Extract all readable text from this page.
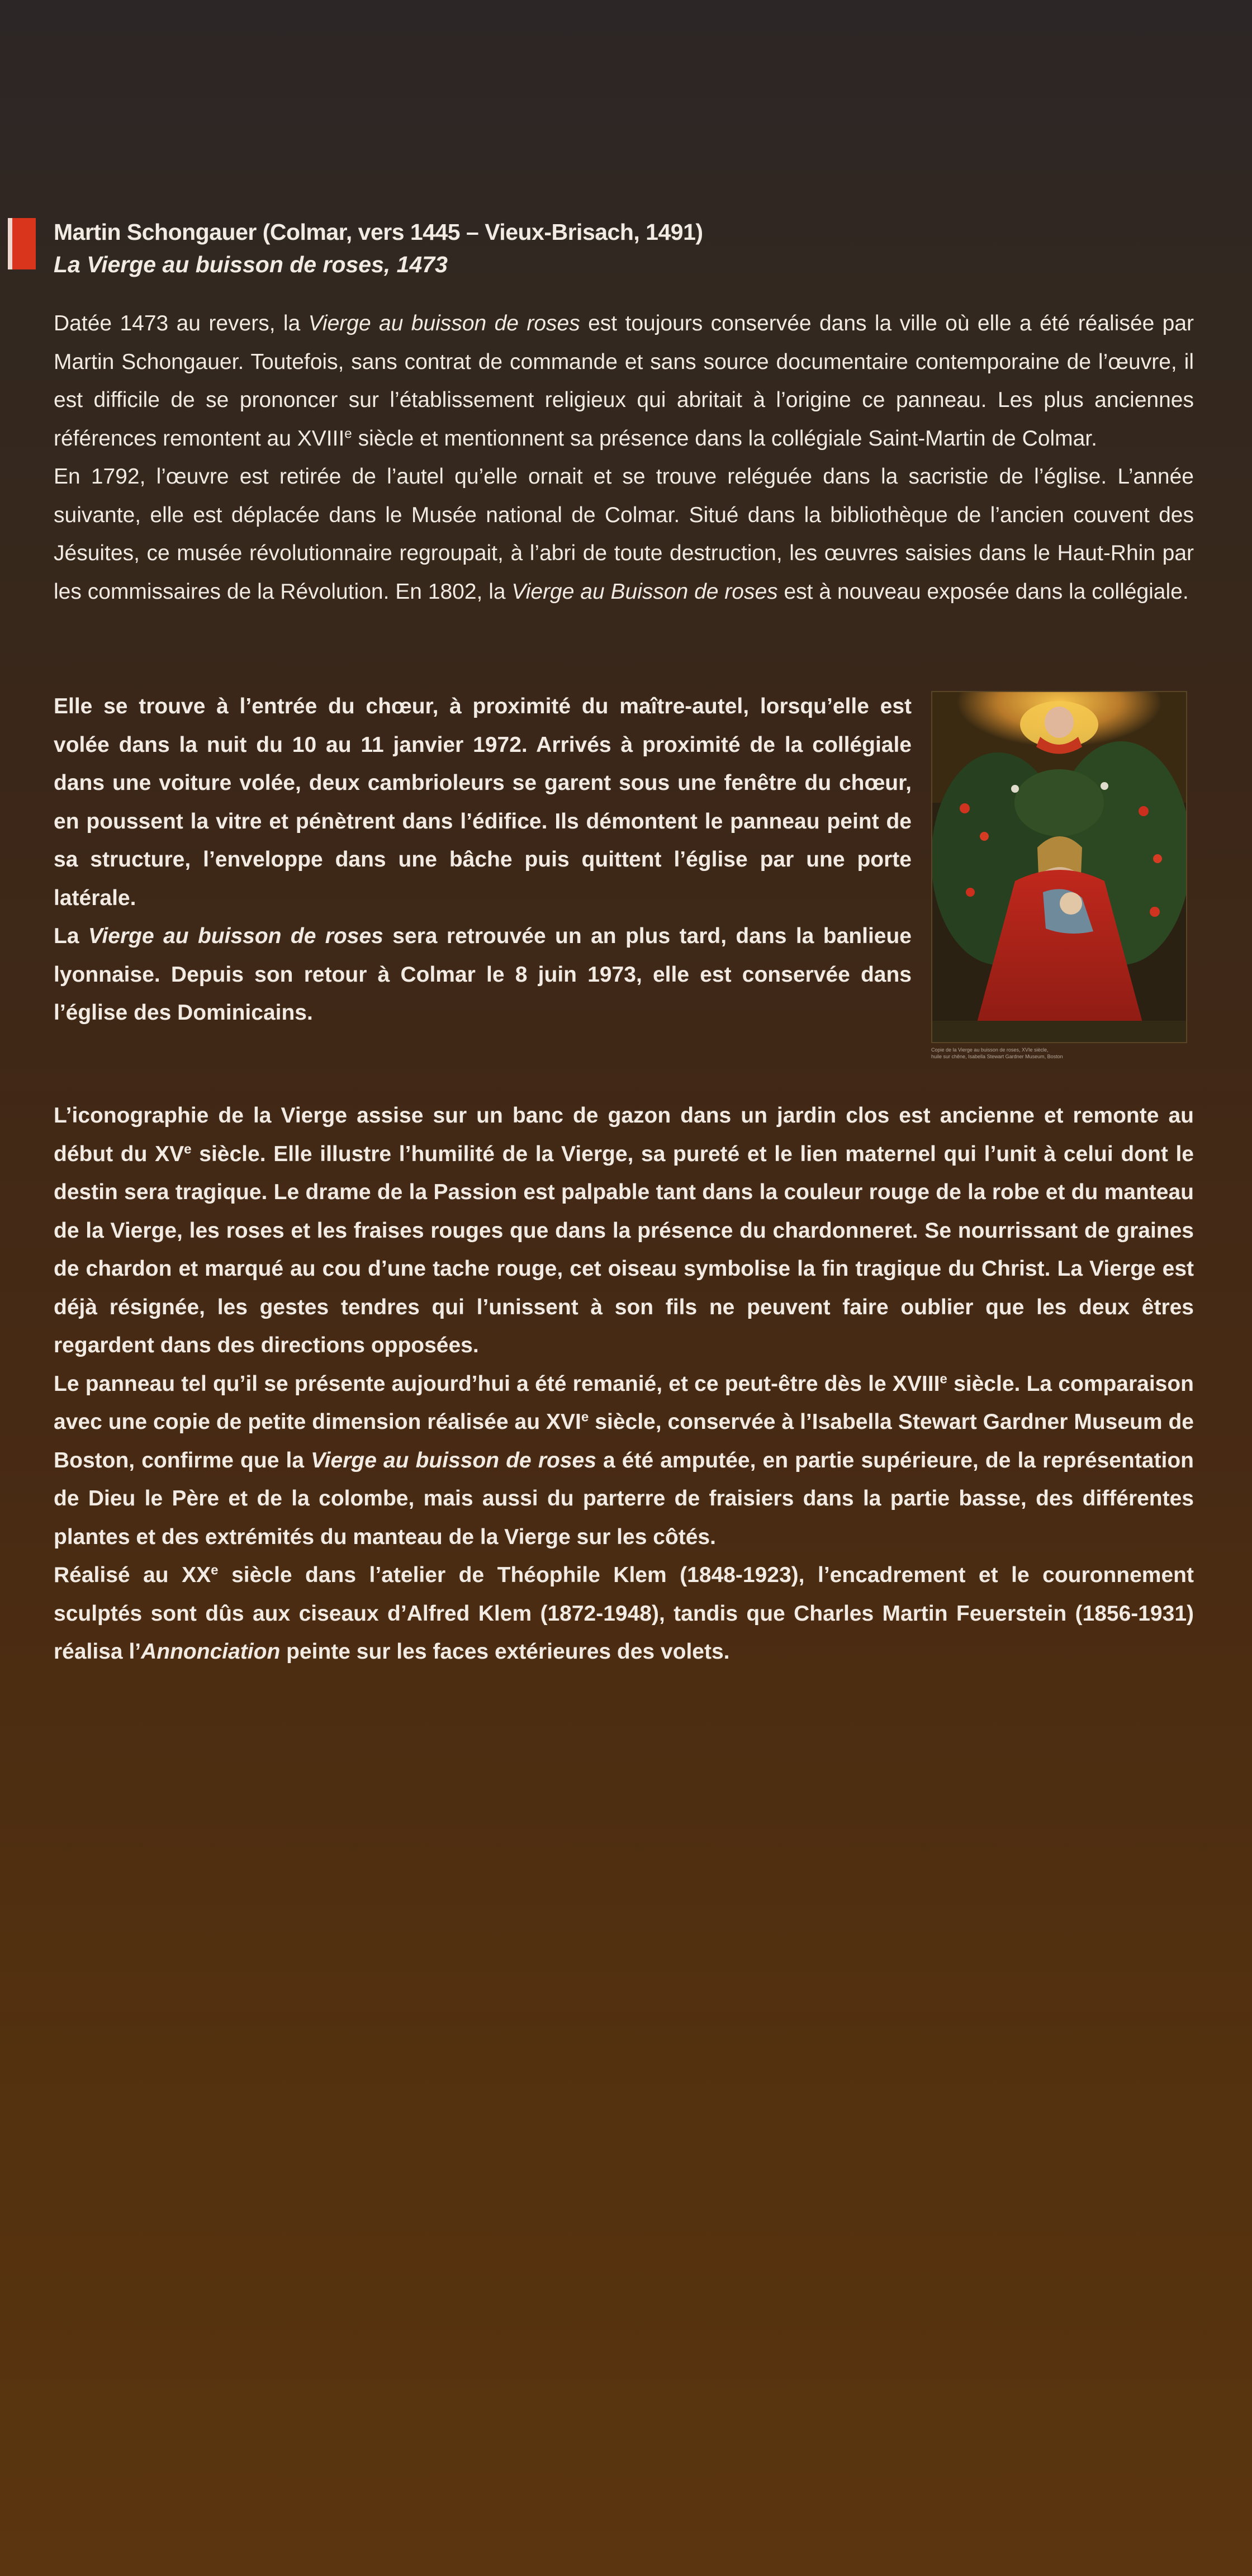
Martin Schongauer (Colmar, vers 1445 – Vieux-Brisach, 1491)
La Vierge au buisson de roses, 1473

Datée 1473 au revers, la Vierge au buisson de roses est toujours conservée dans la ville où elle a été réalisée par Martin Schongauer. Toutefois, sans contrat de commande et sans source documentaire contemporaine de l’œuvre, il est difficile de se prononcer sur l’établissement religieux qui abritait à l’origine ce panneau. Les plus anciennes références remontent au XVIIIe siècle et mentionnent sa présence dans la collégiale Saint-Martin de Colmar.

En 1792, l’œuvre est retirée de l’autel qu’elle ornait et se trouve reléguée dans la sacristie de l’église. L’année suivante, elle est déplacée dans le Musée national de Colmar. Situé dans la bibliothèque de l’ancien couvent des Jésuites, ce musée révolutionnaire regroupait, à l’abri de toute destruction, les œuvres saisies dans le Haut-Rhin par les commissaires de la Révolution. En 1802, la Vierge au Buisson de roses est à nouveau exposée dans la collégiale.

Elle se trouve à l’entrée du chœur, à proximité du maître-autel, lorsqu’elle est volée dans la nuit du 10 au 11 janvier 1972. Arrivés à proximité de la collégiale dans une voiture volée, deux cambrioleurs se garent sous une fenêtre du chœur, en poussent la vitre et pénètrent dans l’édifice. Ils démontent le panneau peint de sa structure, l’enveloppe dans une bâche puis quittent l’église par une porte latérale.

La Vierge au buisson de roses sera retrouvée un an plus tard, dans la banlieue lyonnaise. Depuis son retour à Colmar le 8 juin 1973, elle est conservée dans l’église des Dominicains.

Copie de la Vierge au buisson de roses, XVIe siècle,
huile sur chêne, Isabella Stewart Gardner Museum, Boston

L’iconographie de la Vierge assise sur un banc de gazon dans un jardin clos est ancienne et remonte au début du XVe siècle. Elle illustre l’humilité de la Vierge, sa pureté et le lien maternel qui l’unit à celui dont le destin sera tragique. Le drame de la Passion est palpable tant dans la couleur rouge de la robe et du manteau de la Vierge, les roses et les fraises rouges que dans la présence du chardonneret. Se nourrissant de graines de chardon et marqué au cou d’une tache rouge, cet oiseau symbolise la fin tragique du Christ. La Vierge est déjà résignée, les gestes tendres qui l’unissent à son fils ne peuvent faire oublier que les deux êtres regardent dans des directions opposées.

Le panneau tel qu’il se présente aujourd’hui a été remanié, et ce peut-être dès le XVIIIe siècle. La comparaison avec une copie de petite dimension réalisée au XVIe siècle, conservée à l’Isabella Stewart Gardner Museum de Boston, confirme que la Vierge au buisson de roses a été amputée, en partie supérieure, de la représentation de Dieu le Père et de la colombe, mais aussi du parterre de fraisiers dans la partie basse, des différentes plantes et des extrémités du manteau de la Vierge sur les côtés.

Réalisé au XXe siècle dans l’atelier de Théophile Klem (1848-1923), l’encadrement et le couronnement sculptés sont dûs aux ciseaux d’Alfred Klem (1872-1948), tandis que Charles Martin Feuerstein (1856-1931) réalisa l’Annonciation peinte sur les faces extérieures des volets.
